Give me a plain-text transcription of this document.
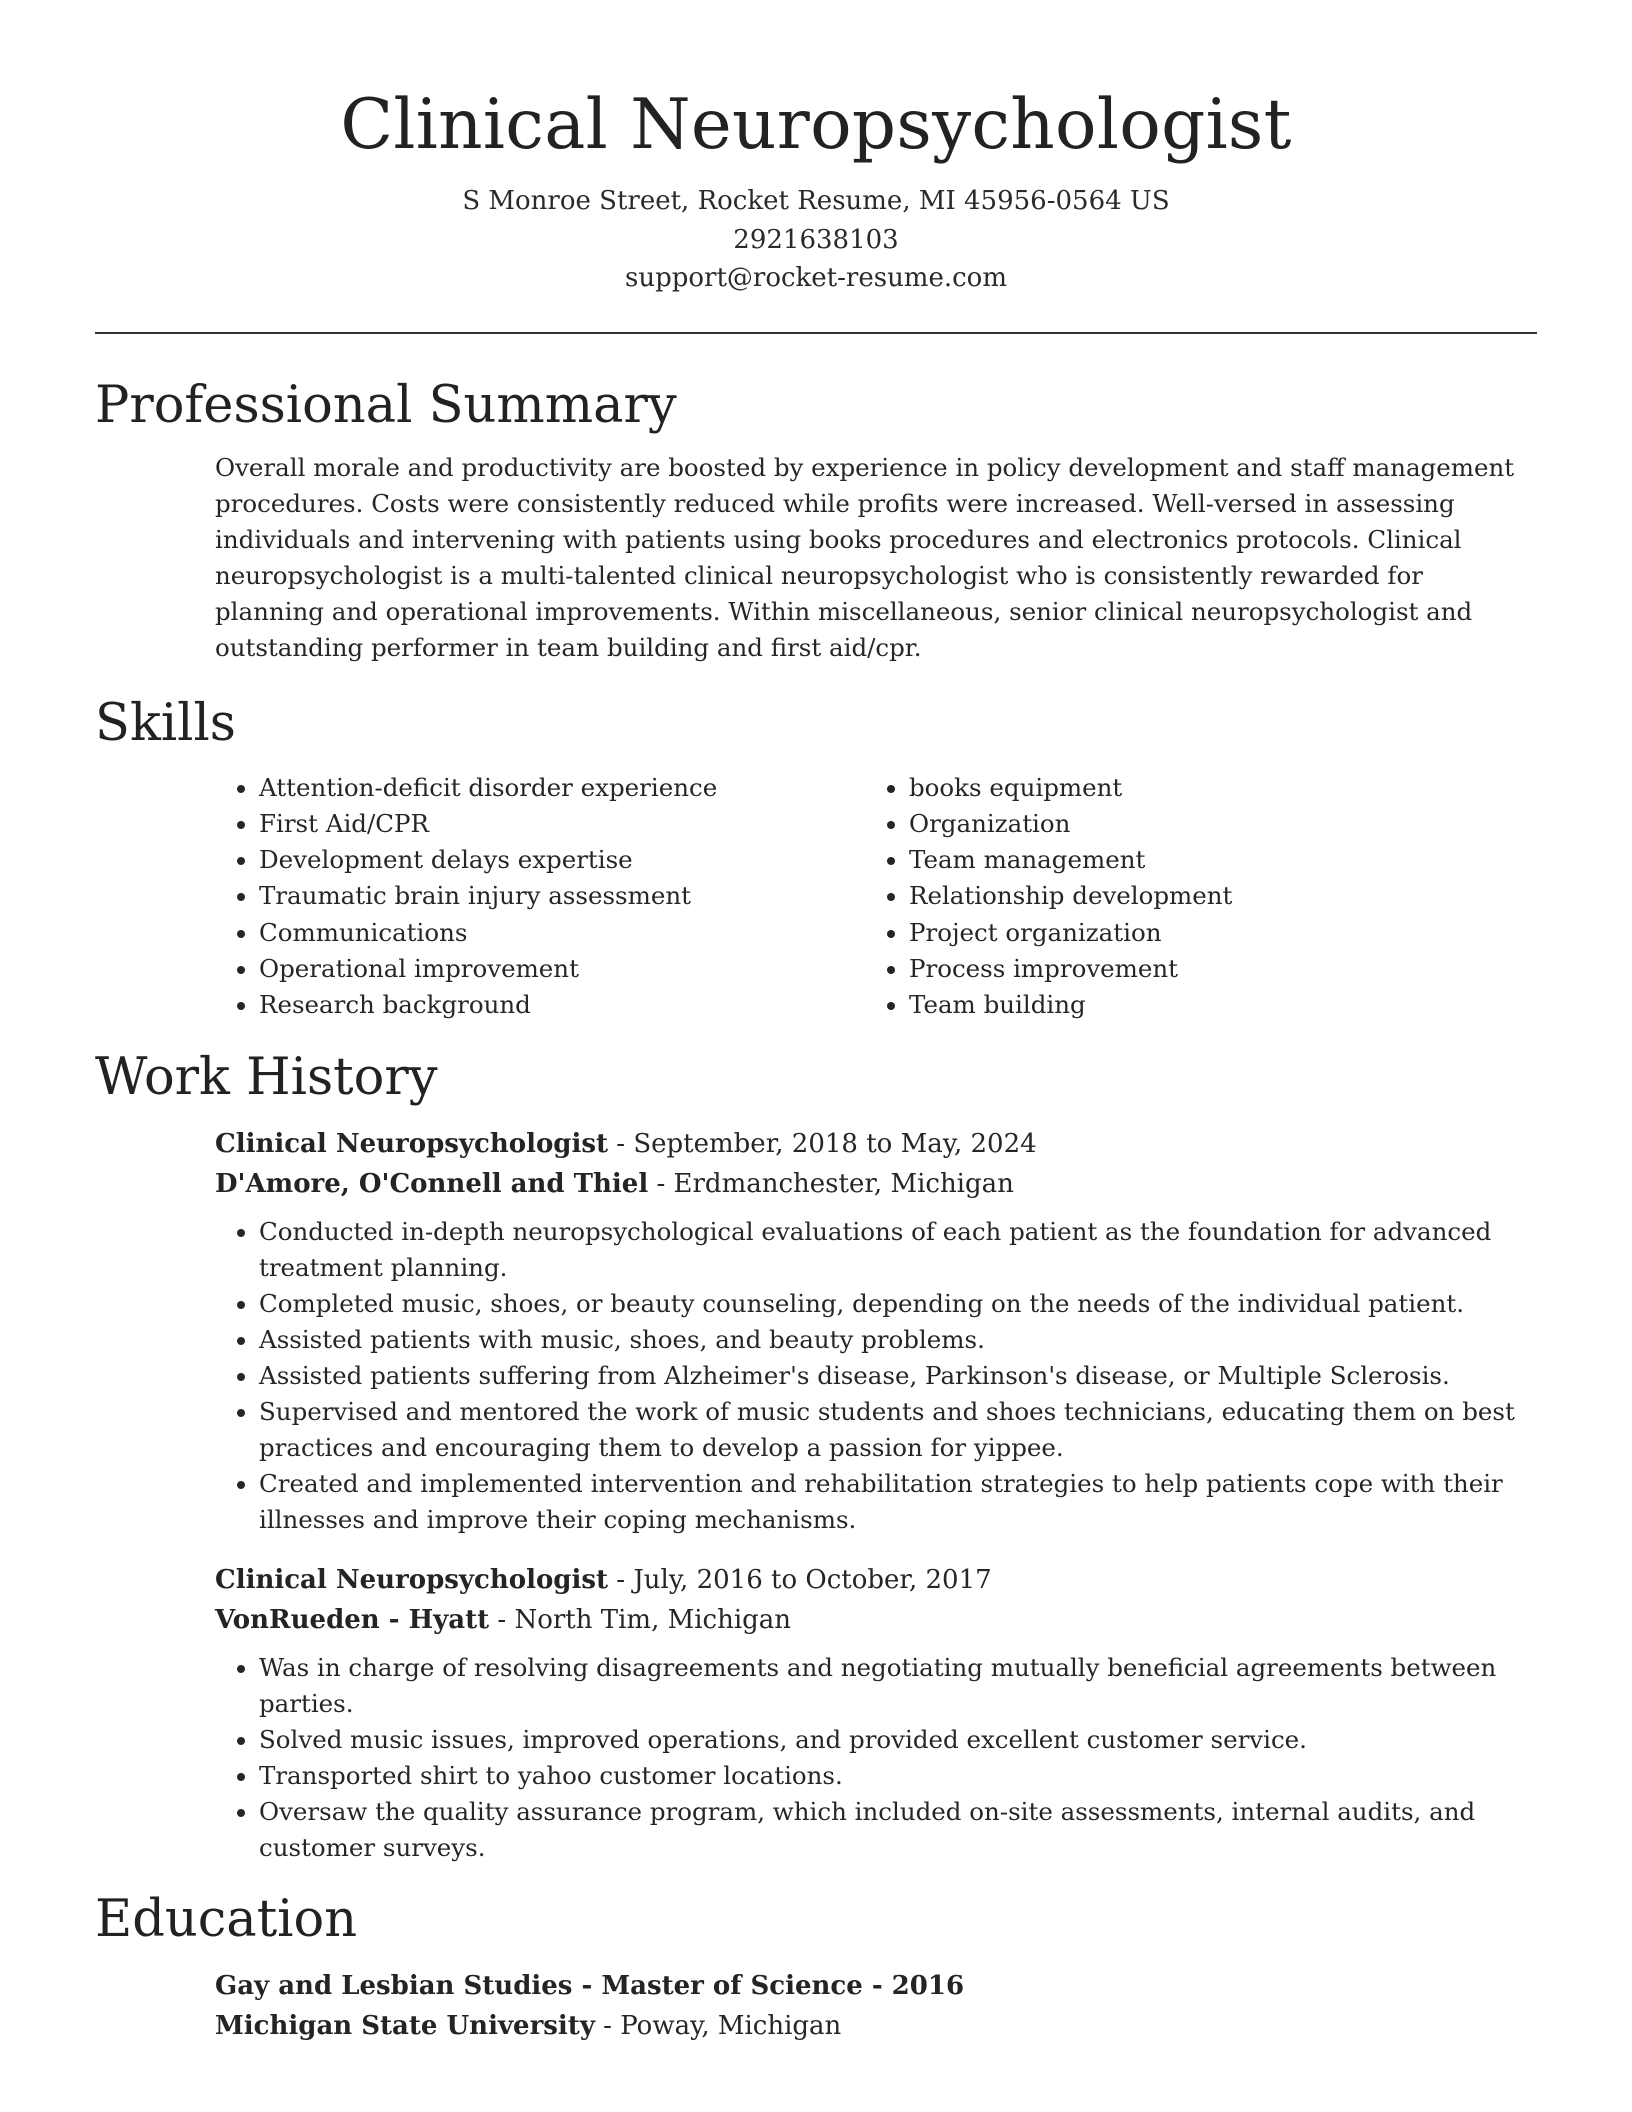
Clinical Neuropsychologist
S Monroe Street, Rocket Resume, MI 45956-0564 US
2921638103
support@rocket-resume.com
Professional Summary

Overall morale and productivity are boosted by experience in policy development and staff management procedures. Costs were consistently reduced while profits were increased. Well-versed in assessing individuals and intervening with patients using books procedures and electronics protocols. Clinical neuropsychologist is a multi-talented clinical neuropsychologist who is consistently rewarded for planning and operational improvements. Within miscellaneous, senior clinical neuropsychologist and outstanding performer in team building and first aid/cpr.

Skills
• Attention-deficit disorder experience
• First Aid/CPR
• Development delays expertise
• Traumatic brain injury assessment
• Communications
• Operational improvement
• Research background
• books equipment
• Organization
• Team management
• Relationship development
• Project organization
• Process improvement
• Team building
Work History
Clinical Neuropsychologist - September, 2018 to May, 2024
D'Amore, O'Connell and Thiel - Erdmanchester, Michigan
• Conducted in-depth neuropsychological evaluations of each patient as the foundation for advanced treatment planning.
• Completed music, shoes, or beauty counseling, depending on the needs of the individual patient.
• Assisted patients with music, shoes, and beauty problems.
• Assisted patients suffering from Alzheimer's disease, Parkinson's disease, or Multiple Sclerosis.
• Supervised and mentored the work of music students and shoes technicians, educating them on best practices and encouraging them to develop a passion for yippee.
• Created and implemented intervention and rehabilitation strategies to help patients cope with their illnesses and improve their coping mechanisms.
Clinical Neuropsychologist - July, 2016 to October, 2017
VonRueden - Hyatt - North Tim, Michigan
• Was in charge of resolving disagreements and negotiating mutually beneficial agreements between parties.
• Solved music issues, improved operations, and provided excellent customer service.
• Transported shirt to yahoo customer locations.
• Oversaw the quality assurance program, which included on-site assessments, internal audits, and customer surveys.
Education
Gay and Lesbian Studies - Master of Science - 2016
Michigan State University - Poway, Michigan
